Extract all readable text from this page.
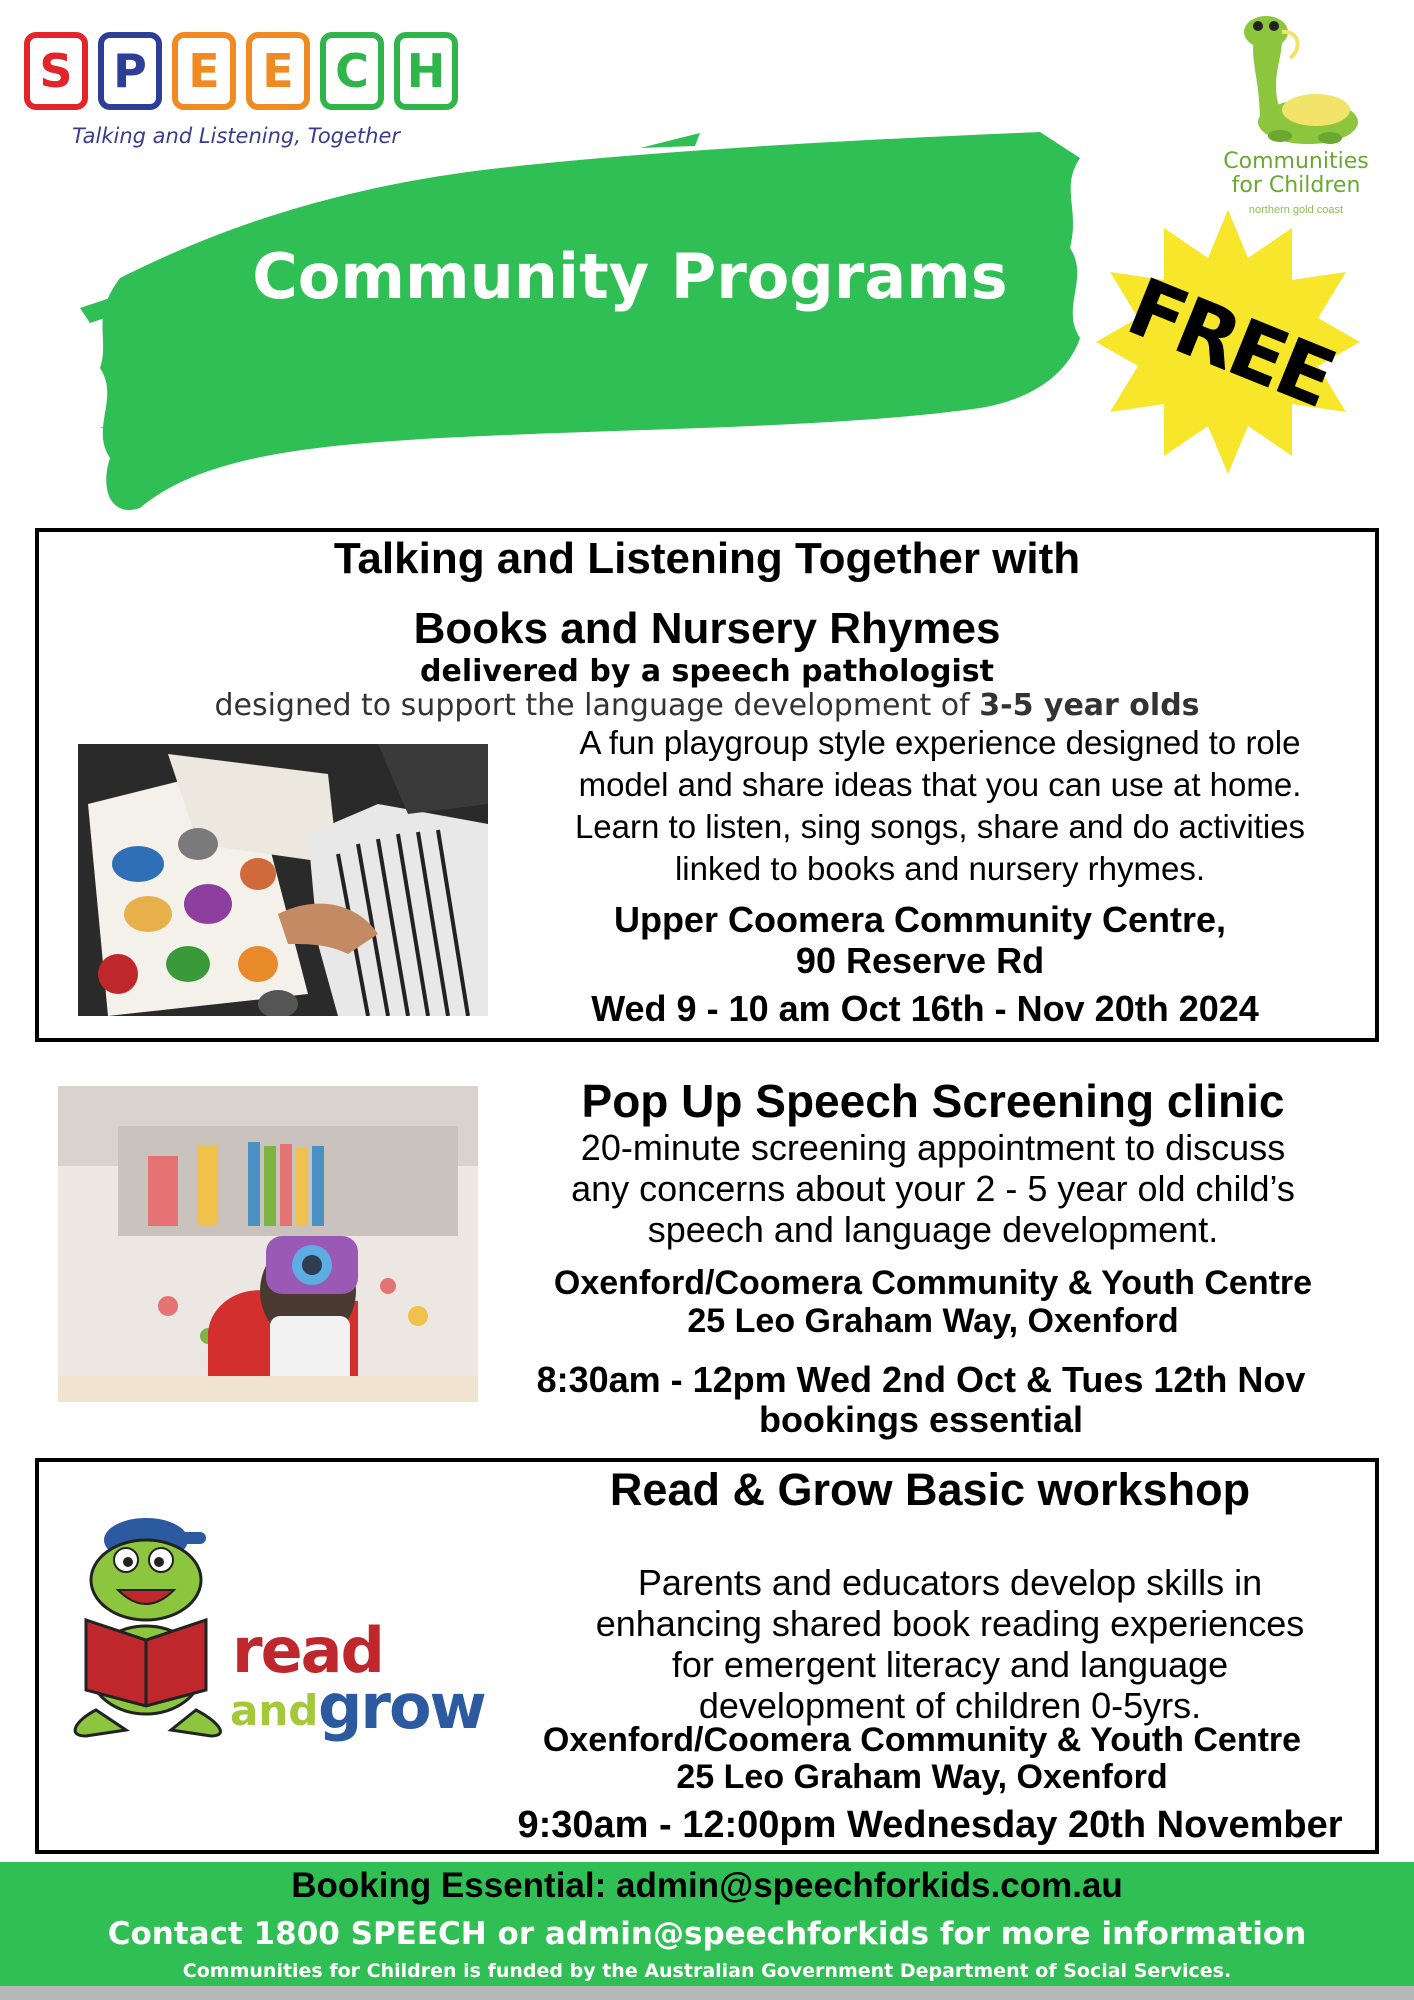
S P E E C H
Talking and Listening, Together
Communities
for Children
northern gold coast
Community Programs	FREE
Talking and Listening Together with
Books and Nursery Rhymes
delivered by a speech pathologist
designed to support the language development of 3-5 year olds
A fun playgroup style experience designed to role
model and share ideas that you can use at home.
Learn to listen, sing songs, share and do activities
linked to books and nursery rhymes.
Upper Coomera Community Centre,
90 Reserve Rd
Wed 9 - 10 am Oct 16th - Nov 20th 2024
Pop Up Speech Screening clinic
20-minute screening appointment to discuss
any concerns about your 2 - 5 year old child’s
speech and language development.
Oxenford/Coomera Community & Youth Centre
25 Leo Graham Way, Oxenford
8:30am - 12pm Wed 2nd Oct & Tues 12th Nov
bookings essential
Read & Grow Basic workshop
read
and grow
Parents and educators develop skills in
enhancing shared book reading experiences
for emergent literacy and language
development of children 0-5yrs.
Oxenford/Coomera Community & Youth Centre
25 Leo Graham Way, Oxenford
9:30am - 12:00pm Wednesday 20th November
Booking Essential: admin@speechforkids.com.au
Contact 1800 SPEECH or admin@speechforkids for more information
Communities for Children is funded by the Australian Government Department of Social Services.
